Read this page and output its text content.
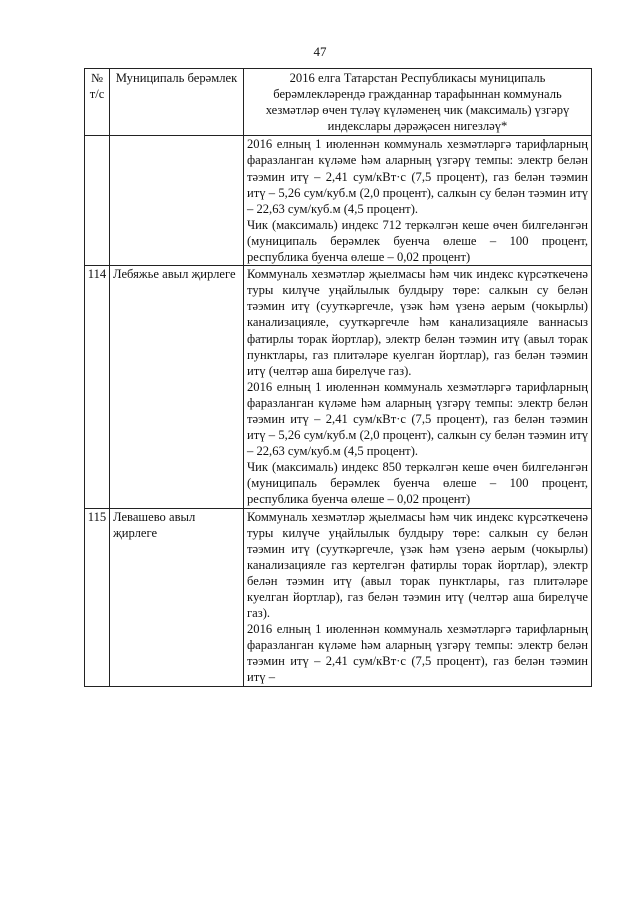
47
№ т/с	Муниципаль берәмлек	2016 елга Татарстан Республикасы муниципаль берәмлекләрендә гражданнар тарафыннан коммуналь хезмәтләр өчен түләү күләменең чик (максималь) үзгәрү индекслары дәрәҗәсен нигезләү*

		2016 елның 1 июленнән коммуналь хезмәтләргә тарифларның фаразланган күләме һәм аларның үзгәрү темпы: электр белән тәэмин итү – 2,41 сум/кВт·с (7,5 процент), газ белән тәэмин итү – 5,26 сум/куб.м (2,0 процент), салкын су белән тәэмин итү – 22,63 сум/куб.м (4,5 процент).

Чик (максималь) индекс 712 теркәлгән кеше өчен билгеләнгән (муниципаль берәмлек буенча өлеше – 100 процент, республика буенча өлеше – 0,02 процент)

114	Лебяжье авыл җирлеге	Коммуналь хезмәтләр җыелмасы һәм чик индекс күрсәткеченә туры килүче уңайлылык булдыру төре: салкын су белән тәэмин итү (сууткәргечле, үзәк һәм үзенә аерым (чокырлы) канализацияле, сууткәргечле һәм канализацияле ваннасыз фатирлы торак йортлар), электр белән тәэмин итү (авыл торак пунктлары, газ плитәләре куелган йортлар), газ белән тәэмин итү (челтәр аша бирелүче газ).

2016 елның 1 июленнән коммуналь хезмәтләргә тарифларның фаразланган күләме һәм аларның үзгәрү темпы: электр белән тәэмин итү – 2,41 сум/кВт·с (7,5 процент), газ белән тәэмин итү – 5,26 сум/куб.м (2,0 процент), салкын су белән тәэмин итү – 22,63 сум/куб.м (4,5 процент).

Чик (максималь) индекс 850 теркәлгән кеше өчен билгеләнгән (муниципаль берәмлек буенча өлеше – 100 процент, республика буенча өлеше – 0,02 процент)

115	Левашево авыл җирлеге	Коммуналь хезмәтләр җыелмасы һәм чик индекс күрсәткеченә туры килүче уңайлылык булдыру төре: салкын су белән тәэмин итү (сууткәргечле, үзәк һәм үзенә аерым (чокырлы) канализацияле газ кертелгән фатирлы торак йортлар), электр белән тәэмин итү (авыл торак пунктлары, газ плитәләре куелган йортлар), газ белән тәэмин итү (челтәр аша бирелүче газ).

2016 елның 1 июленнән коммуналь хезмәтләргә тарифларның фаразланган күләме һәм аларның үзгәрү темпы: электр белән тәэмин итү – 2,41 сум/кВт·с (7,5 процент), газ белән тәэмин итү –
